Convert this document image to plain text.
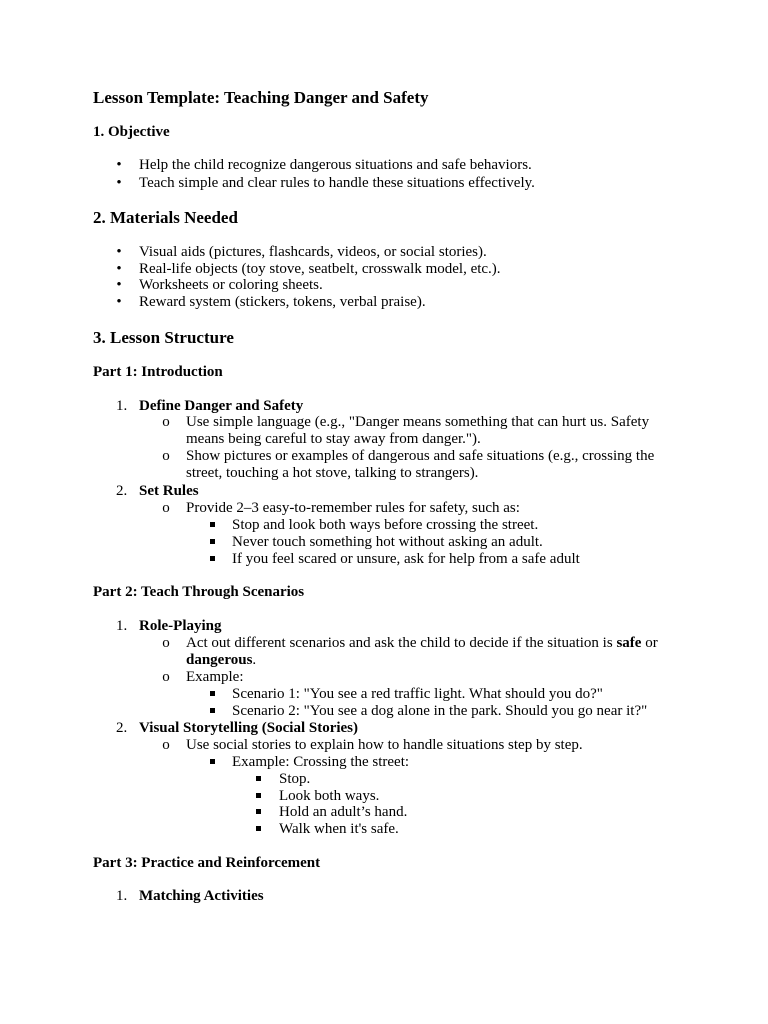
Lesson Template: Teaching Danger and Safety
1. Objective
• Help the child recognize dangerous situations and safe behaviors.
• Teach simple and clear rules to handle these situations effectively.
2. Materials Needed
• Visual aids (pictures, flashcards, videos, or social stories).
• Real-life objects (toy stove, seatbelt, crosswalk model, etc.).
• Worksheets or coloring sheets.
• Reward system (stickers, tokens, verbal praise).
3. Lesson Structure
Part 1: Introduction
1. Define Danger and Safety
o Use simple language (e.g., "Danger means something that can hurt us. Safety
means being careful to stay away from danger.").
o Show pictures or examples of dangerous and safe situations (e.g., crossing the
street, touching a hot stove, talking to strangers).
2. Set Rules
o Provide 2–3 easy-to-remember rules for safety, such as:
Stop and look both ways before crossing the street.
Never touch something hot without asking an adult.
If you feel scared or unsure, ask for help from a safe adult
Part 2: Teach Through Scenarios
1. Role-Playing
o Act out different scenarios and ask the child to decide if the situation is safe or
dangerous.
o Example:
Scenario 1: "You see a red traffic light. What should you do?"
Scenario 2: "You see a dog alone in the park. Should you go near it?"
2. Visual Storytelling (Social Stories)
o Use social stories to explain how to handle situations step by step.
Example: Crossing the street:
Stop.
Look both ways.
Hold an adult’s hand.
Walk when it's safe.
Part 3: Practice and Reinforcement
1. Matching Activities
